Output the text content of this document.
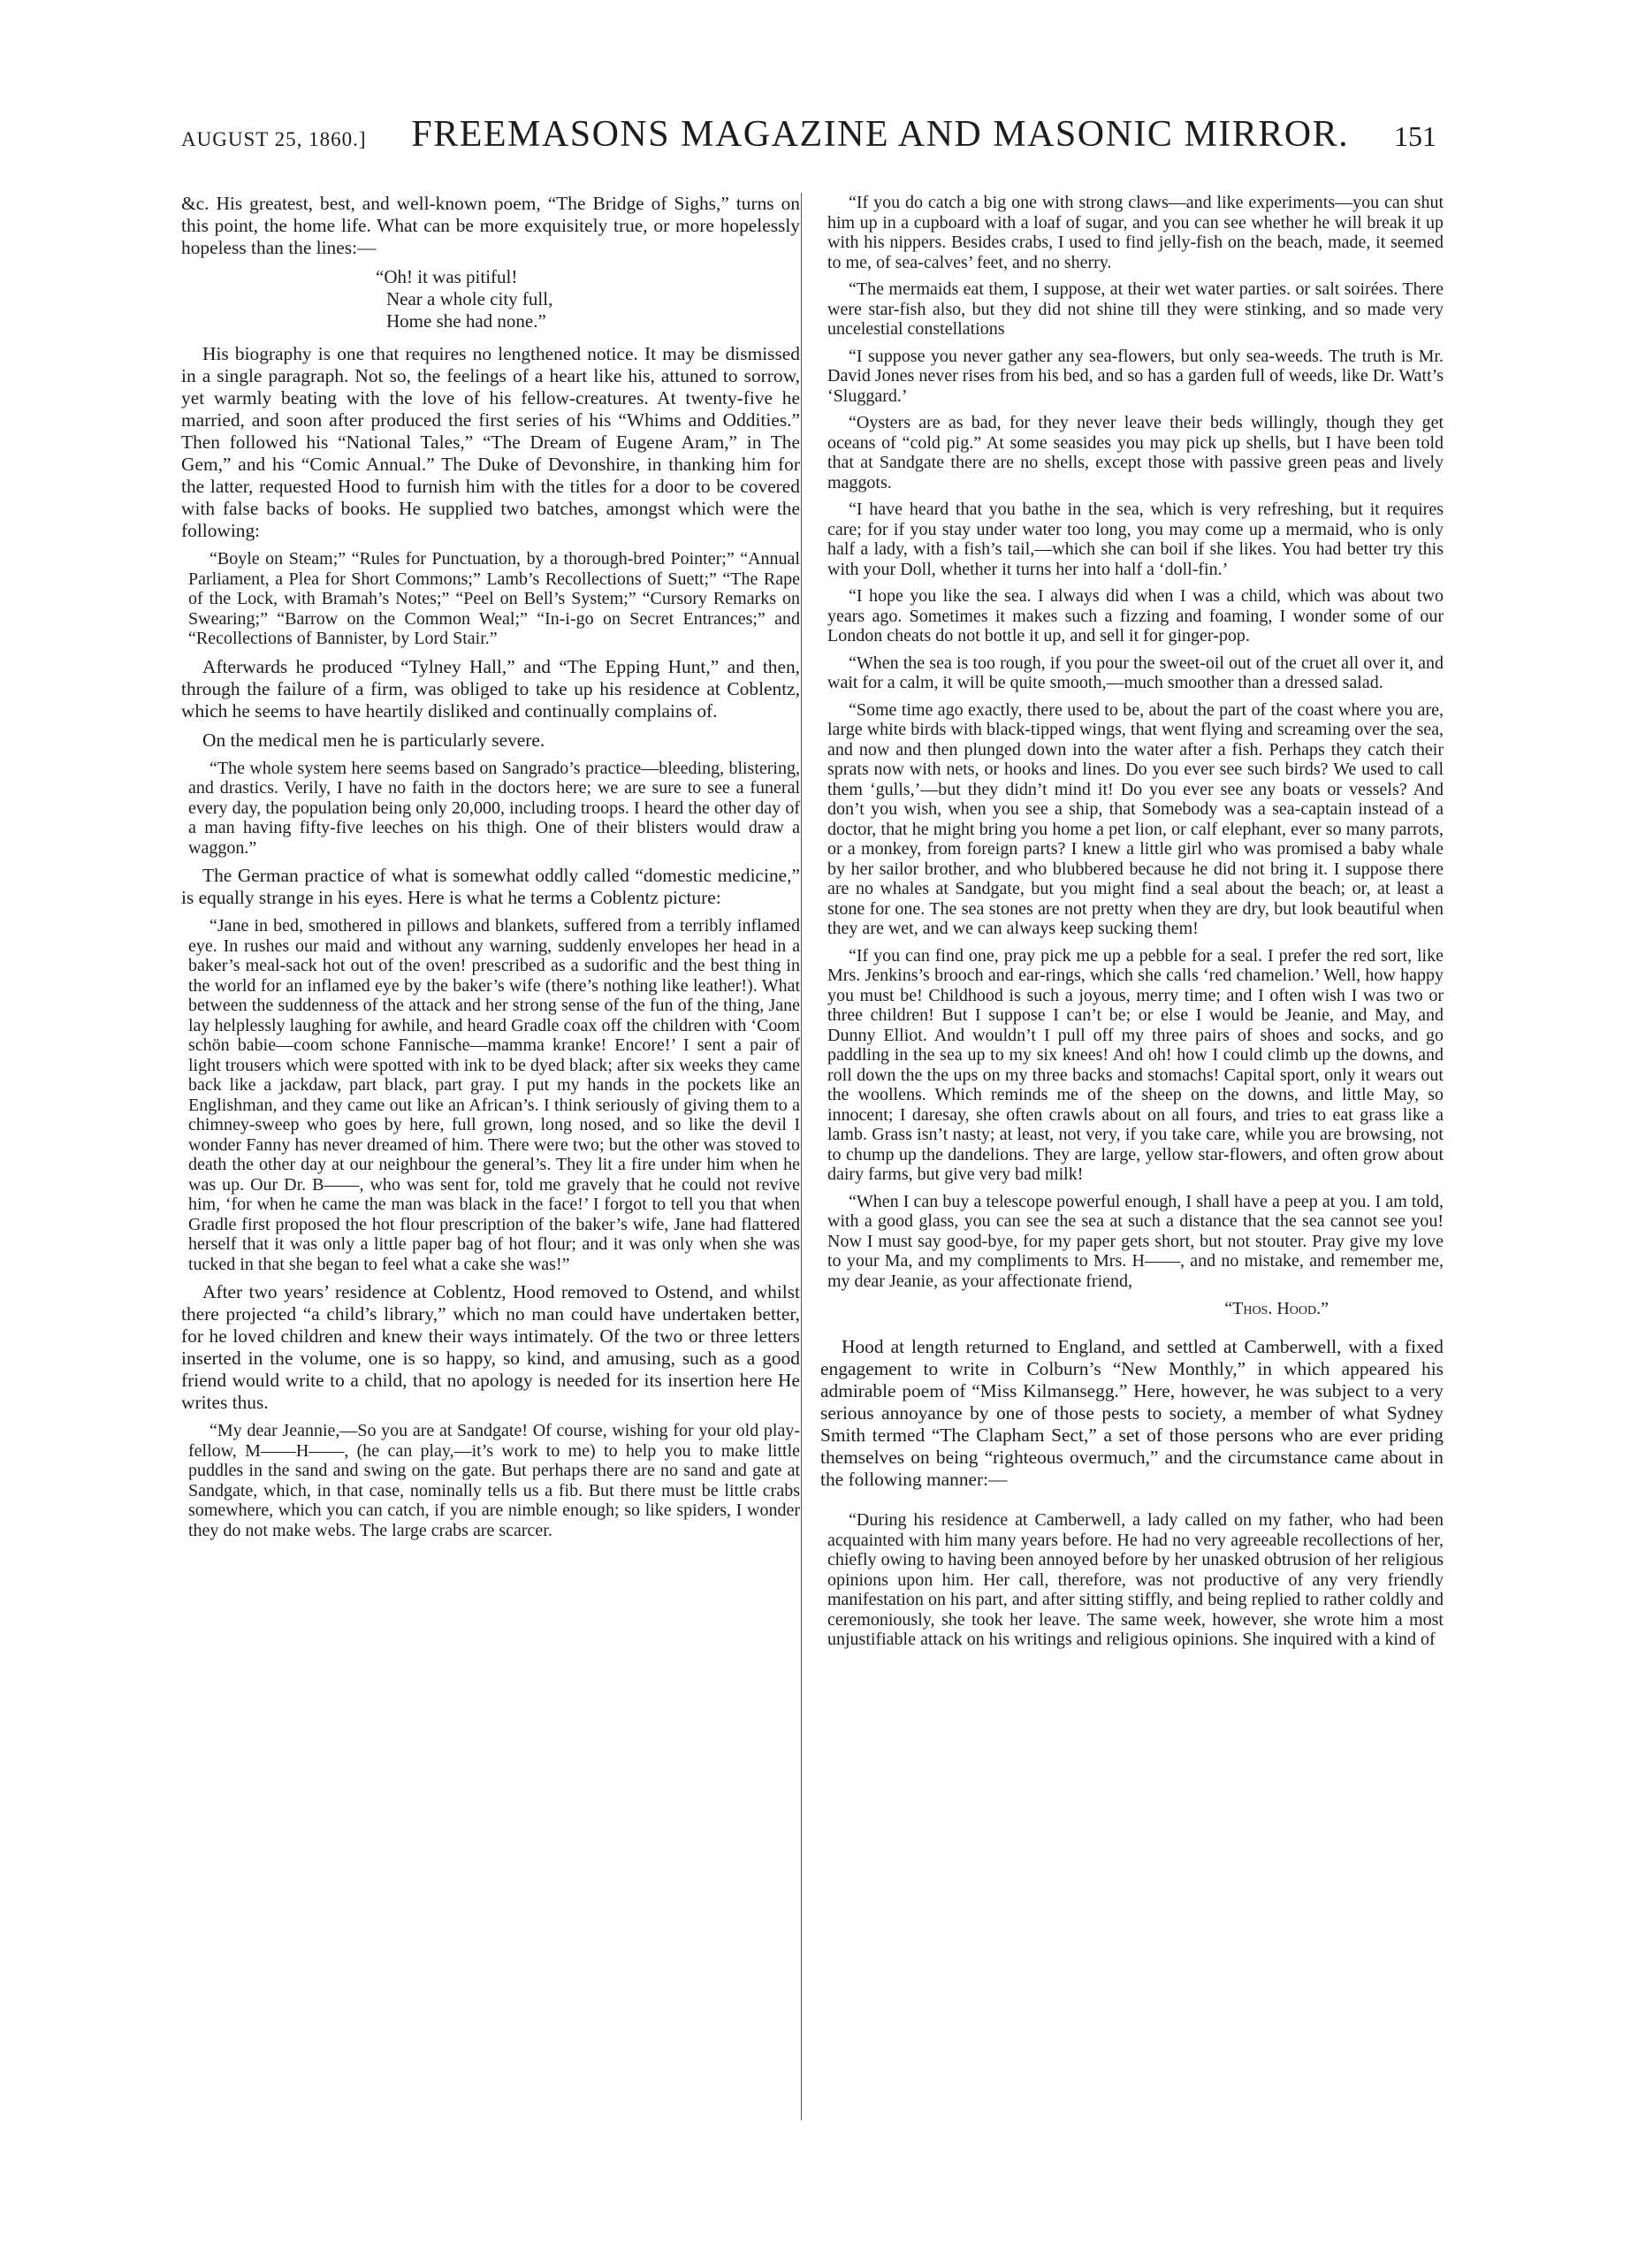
AUGUST 25, 1860.] FREEMASONS MAGAZINE AND MASONIC MIRROR. 151

&c. His greatest, best, and well-known poem, “The Bridge of Sighs,” turns on this point, the home life. What can be more exquisitely true, or more hopelessly hopeless than the lines:—

“Oh! it was pitiful!
Near a whole city full,
Home she had none.”

His biography is one that requires no lengthened notice. It may be dismissed in a single paragraph. Not so, the feelings of a heart like his, attuned to sorrow, yet warmly beating with the love of his fellow-creatures. At twenty-five he married, and soon after produced the first series of his “Whims and Oddities.” Then followed his “National Tales,” “The Dream of Eugene Aram,” in The Gem,” and his “Comic Annual.” The Duke of Devonshire, in thanking him for the latter, requested Hood to furnish him with the titles for a door to be covered with false backs of books. He supplied two batches, amongst which were the following:

“Boyle on Steam;” “Rules for Punctuation, by a thorough-bred Pointer;” “Annual Parliament, a Plea for Short Commons;” Lamb’s Recollections of Suett;” “The Rape of the Lock, with Bramah’s Notes;” “Peel on Bell’s System;” “Cursory Remarks on Swearing;” “Barrow on the Common Weal;” “In-i-go on Secret Entrances;” and “Recollections of Bannister, by Lord Stair.”

Afterwards he produced “Tylney Hall,” and “The Epping Hunt,” and then, through the failure of a firm, was obliged to take up his residence at Coblentz, which he seems to have heartily disliked and continually complains of.

On the medical men he is particularly severe.

“The whole system here seems based on Sangrado’s practice—bleeding, blistering, and drastics. Verily, I have no faith in the doctors here; we are sure to see a funeral every day, the population being only 20,000, including troops. I heard the other day of a man having fifty-five leeches on his thigh. One of their blisters would draw a waggon.”

The German practice of what is somewhat oddly called “domestic medicine,” is equally strange in his eyes. Here is what he terms a Coblentz picture:

“Jane in bed, smothered in pillows and blankets, suffered from a terribly inflamed eye. In rushes our maid and without any warning, suddenly envelopes her head in a baker’s meal-sack hot out of the oven! prescribed as a sudorific and the best thing in the world for an inflamed eye by the baker’s wife (there’s nothing like leather!). What between the suddenness of the attack and her strong sense of the fun of the thing, Jane lay helplessly laughing for awhile, and heard Gradle coax off the children with ‘Coom schön babie—coom schone Fannische—mamma kranke! Encore!’ I sent a pair of light trousers which were spotted with ink to be dyed black; after six weeks they came back like a jackdaw, part black, part gray. I put my hands in the pockets like an Englishman, and they came out like an African’s. I think seriously of giving them to a chimney-sweep who goes by here, full grown, long nosed, and so like the devil I wonder Fanny has never dreamed of him. There were two; but the other was stoved to death the other day at our neighbour the general’s. They lit a fire under him when he was up. Our Dr. B——, who was sent for, told me gravely that he could not revive him, ‘for when he came the man was black in the face!’ I forgot to tell you that when Gradle first proposed the hot flour prescription of the baker’s wife, Jane had flattered herself that it was only a little paper bag of hot flour; and it was only when she was tucked in that she began to feel what a cake she was!”

After two years’ residence at Coblentz, Hood removed to Ostend, and whilst there projected “a child’s library,” which no man could have undertaken better, for he loved children and knew their ways intimately. Of the two or three letters inserted in the volume, one is so happy, so kind, and amusing, such as a good friend would write to a child, that no apology is needed for its insertion here He writes thus.

“My dear Jeannie,—So you are at Sandgate! Of course, wishing for your old play-fellow, M——H——, (he can play,—it’s work to me) to help you to make little puddles in the sand and swing on the gate. But perhaps there are no sand and gate at Sandgate, which, in that case, nominally tells us a fib. But there must be little crabs somewhere, which you can catch, if you are nimble enough; so like spiders, I wonder they do not make webs. The large crabs are scarcer.

“If you do catch a big one with strong claws—and like experiments—you can shut him up in a cupboard with a loaf of sugar, and you can see whether he will break it up with his nippers. Besides crabs, I used to find jelly-fish on the beach, made, it seemed to me, of sea-calves’ feet, and no sherry.

“The mermaids eat them, I suppose, at their wet water parties. or salt soirées. There were star-fish also, but they did not shine till they were stinking, and so made very uncelestial constellations

“I suppose you never gather any sea-flowers, but only sea-weeds. The truth is Mr. David Jones never rises from his bed, and so has a garden full of weeds, like Dr. Watt’s ‘Sluggard.’

“Oysters are as bad, for they never leave their beds willingly, though they get oceans of “cold pig.” At some seasides you may pick up shells, but I have been told that at Sandgate there are no shells, except those with passive green peas and lively maggots.

“I have heard that you bathe in the sea, which is very refreshing, but it requires care; for if you stay under water too long, you may come up a mermaid, who is only half a lady, with a fish’s tail,—which she can boil if she likes. You had better try this with your Doll, whether it turns her into half a ‘doll-fin.’

“I hope you like the sea. I always did when I was a child, which was about two years ago. Sometimes it makes such a fizzing and foaming, I wonder some of our London cheats do not bottle it up, and sell it for ginger-pop.

“When the sea is too rough, if you pour the sweet-oil out of the cruet all over it, and wait for a calm, it will be quite smooth,—much smoother than a dressed salad.

“Some time ago exactly, there used to be, about the part of the coast where you are, large white birds with black-tipped wings, that went flying and screaming over the sea, and now and then plunged down into the water after a fish. Perhaps they catch their sprats now with nets, or hooks and lines. Do you ever see such birds? We used to call them ‘gulls,’—but they didn’t mind it! Do you ever see any boats or vessels? And don’t you wish, when you see a ship, that Somebody was a sea-captain instead of a doctor, that he might bring you home a pet lion, or calf elephant, ever so many parrots, or a monkey, from foreign parts? I knew a little girl who was promised a baby whale by her sailor brother, and who blubbered because he did not bring it. I suppose there are no whales at Sandgate, but you might find a seal about the beach; or, at least a stone for one. The sea stones are not pretty when they are dry, but look beautiful when they are wet, and we can always keep sucking them!

“If you can find one, pray pick me up a pebble for a seal. I prefer the red sort, like Mrs. Jenkins’s brooch and ear-rings, which she calls ‘red chamelion.’ Well, how happy you must be! Childhood is such a joyous, merry time; and I often wish I was two or three children! But I suppose I can’t be; or else I would be Jeanie, and May, and Dunny Elliot. And wouldn’t I pull off my three pairs of shoes and socks, and go paddling in the sea up to my six knees! And oh! how I could climb up the downs, and roll down the the ups on my three backs and stomachs! Capital sport, only it wears out the woollens. Which reminds me of the sheep on the downs, and little May, so innocent; I daresay, she often crawls about on all fours, and tries to eat grass like a lamb. Grass isn’t nasty; at least, not very, if you take care, while you are browsing, not to chump up the dandelions. They are large, yellow star-flowers, and often grow about dairy farms, but give very bad milk!

“When I can buy a telescope powerful enough, I shall have a peep at you. I am told, with a good glass, you can see the sea at such a distance that the sea cannot see you! Now I must say good-bye, for my paper gets short, but not stouter. Pray give my love to your Ma, and my compliments to Mrs. H——, and no mistake, and remember me, my dear Jeanie, as your affectionate friend,

“Thos. Hood.”

Hood at length returned to England, and settled at Camberwell, with a fixed engagement to write in Colburn’s “New Monthly,” in which appeared his admirable poem of “Miss Kilmansegg.” Here, however, he was subject to a very serious annoyance by one of those pests to society, a member of what Sydney Smith termed “The Clapham Sect,” a set of those persons who are ever priding themselves on being “righteous overmuch,” and the circumstance came about in the following manner:—

“During his residence at Camberwell, a lady called on my father, who had been acquainted with him many years before. He had no very agreeable recollections of her, chiefly owing to having been annoyed before by her unasked obtrusion of her religious opinions upon him. Her call, therefore, was not productive of any very friendly manifestation on his part, and after sitting stiffly, and being replied to rather coldly and ceremoniously, she took her leave. The same week, however, she wrote him a most unjustifiable attack on his writings and religious opinions. She inquired with a kind of
